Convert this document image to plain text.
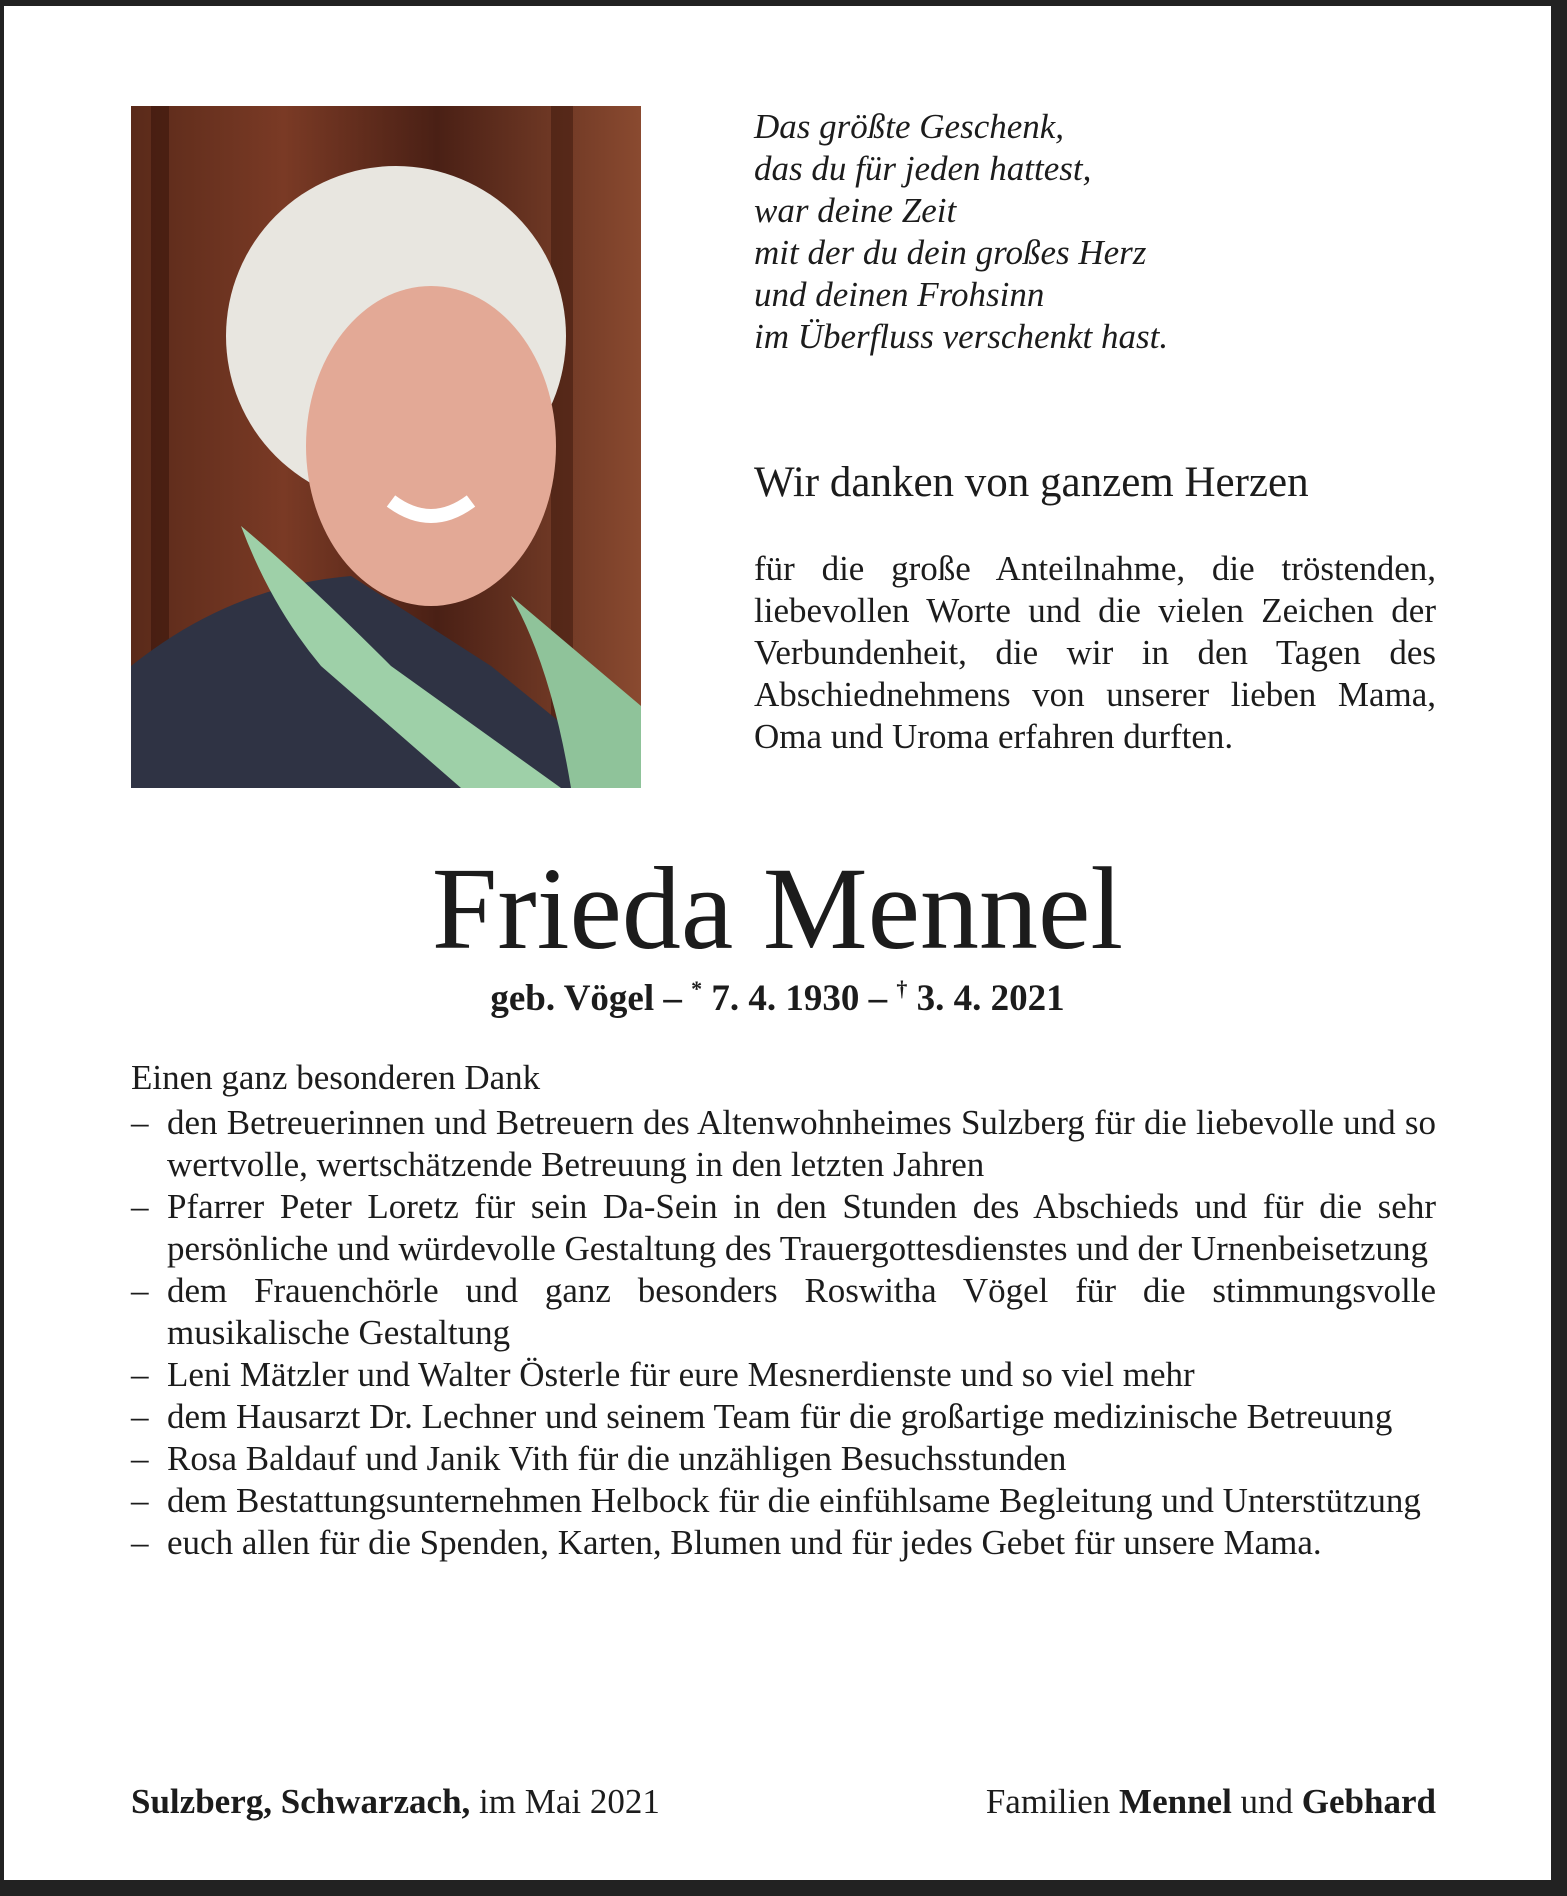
Das größte Geschenk,
das du für jeden hattest,
war deine Zeit
mit der du dein großes Herz
und deinen Frohsinn
im Überfluss verschenkt hast.
Wir danken von ganzem Herzen
für die große Anteilnahme, die tröstenden, liebevollen Worte und die vielen Zeichen der Verbundenheit, die wir in den Tagen des Abschiednehmens von unserer lieben Mama, Oma und Uroma erfahren durften.
Frieda Mennel
geb. Vögel – * 7. 4. 1930 – † 3. 4. 2021
Einen ganz besonderen Dank
– den Betreuerinnen und Betreuern des Altenwohnheimes Sulzberg für die liebevolle und so wertvolle, wertschätzende Betreuung in den letzten Jahren
– Pfarrer Peter Loretz für sein Da-Sein in den Stunden des Abschieds und für die sehr persönliche und würdevolle Gestaltung des Trauergottesdienstes und der Urnenbeisetzung
– dem Frauenchörle und ganz besonders Roswitha Vögel für die stimmungsvolle musikalische Gestaltung
– Leni Mätzler und Walter Österle für eure Mesnerdienste und so viel mehr
– dem Hausarzt Dr. Lechner und seinem Team für die großartige medizinische Betreuung
– Rosa Baldauf und Janik Vith für die unzähligen Besuchsstunden
– dem Bestattungsunternehmen Helbock für die einfühlsame Begleitung und Unterstützung
– euch allen für die Spenden, Karten, Blumen und für jedes Gebet für unsere Mama.
Sulzberg, Schwarzach, im Mai 2021	Familien Mennel und Gebhard
